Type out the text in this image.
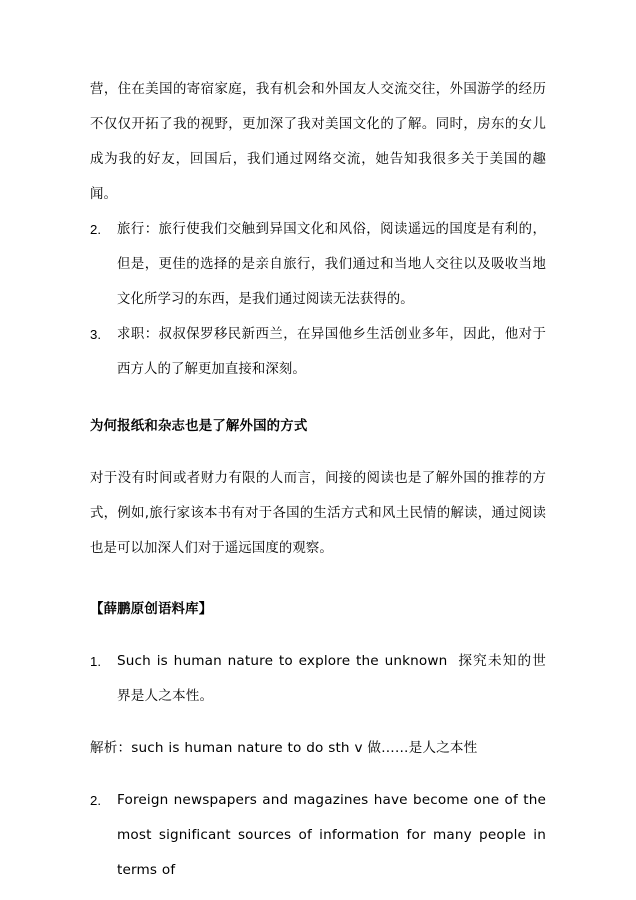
营，住在美国的寄宿家庭，我有机会和外国友人交流交往，外国游学的经历不仅仅开拓了我的视野，更加深了我对美国文化的了解。同时，房东的女儿成为我的好友，回国后，我们通过网络交流，她告知我很多关于美国的趣闻。

2.	旅行：旅行使我们交触到异国文化和风俗，阅读遥远的国度是有利的，但是，更佳的选择的是亲自旅行，我们通过和当地人交往以及吸收当地文化所学习的东西，是我们通过阅读无法获得的。
3.	求职：叔叔保罗移民新西兰，在异国他乡生活创业多年，因此，他对于西方人的了解更加直接和深刻。
为何报纸和杂志也是了解外国的方式

对于没有时间或者财力有限的人而言，间接的阅读也是了解外国的推荐的方式，例如,旅行家该本书有对于各国的生活方式和风土民情的解读，通过阅读也是可以加深人们对于遥远国度的观察。

【薛鹏原创语料库】
1.	Such is human nature to explore the unknown 探究未知的世界是人之本性。

解析：such is human nature to do sth v 做……是人之本性

2.	Foreign newspapers and magazines have become one of the most significant sources of information for many people in terms of
